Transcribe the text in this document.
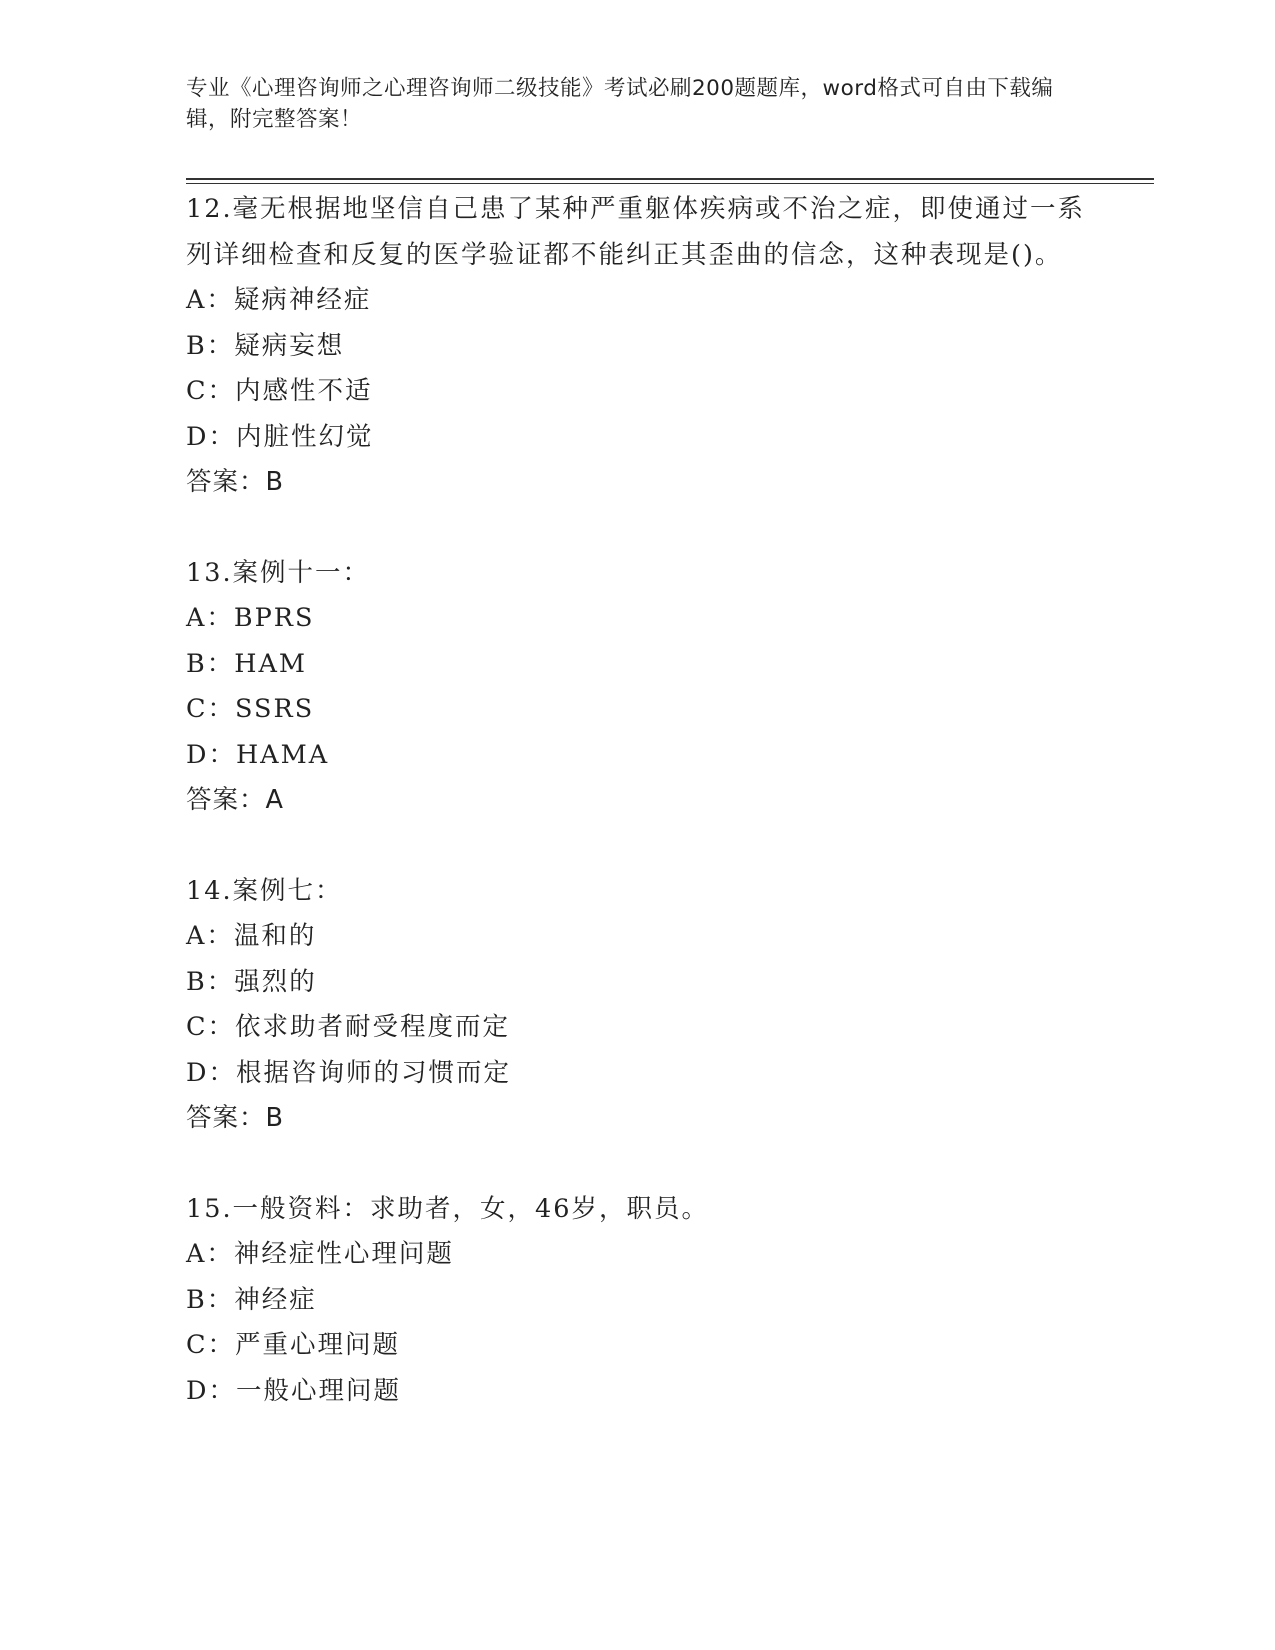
专业《心理咨询师之心理咨询师二级技能》考试必刷200题题库，word格式可自由下载编辑，附完整答案！
12.毫无根据地坚信自己患了某种严重躯体疾病或不治之症，即使通过一系列详细检查和反复的医学验证都不能纠正其歪曲的信念，这种表现是()。
A：疑病神经症
B：疑病妄想
C：内感性不适
D：内脏性幻觉
答案：B
13.案例十一：
A：BPRS
B：HAM
C：SSRS
D：HAMA
答案：A
14.案例七：
A：温和的
B：强烈的
C：依求助者耐受程度而定
D：根据咨询师的习惯而定
答案：B
15.一般资料：求助者，女，46岁，职员。
A：神经症性心理问题
B：神经症
C：严重心理问题
D：一般心理问题
